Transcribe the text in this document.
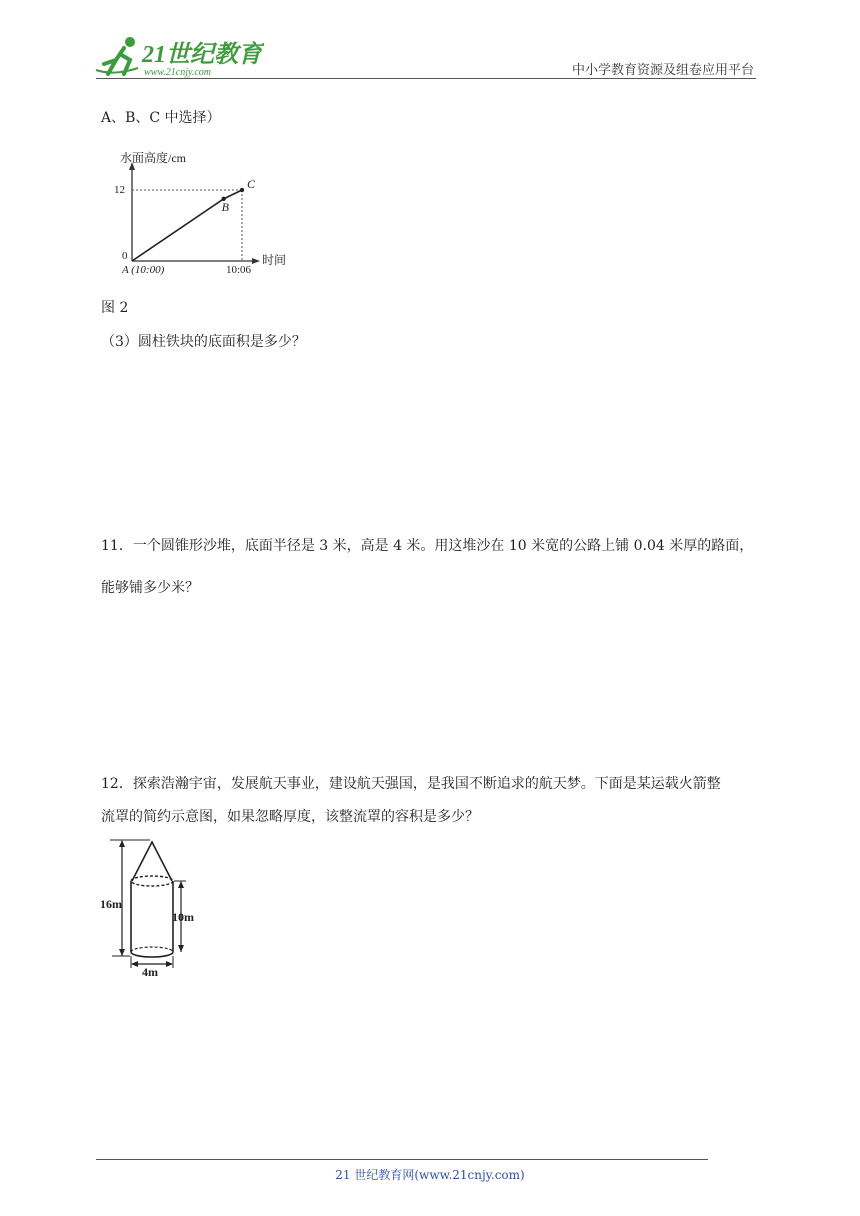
21世纪教育
www.21cnjy.com	中小学教育资源及组卷应用平台
A、B、C 中选择）
水面高度/cm
时间
12
0
A (10:00)	10:06
B
C
图 2
（3）圆柱铁块的底面积是多少？
11．一个圆锥形沙堆，底面半径是 3 米，高是 4 米。用这堆沙在 10 米宽的公路上铺 0.04 米厚的路面，
能够铺多少米？
12．探索浩瀚宇宙，发展航天事业，建设航天强国，是我国不断追求的航天梦。下面是某运载火箭整
流罩的简约示意图，如果忽略厚度，该整流罩的容积是多少？
16m
10m
4m
21 世纪教育网(www.21cnjy.com)
